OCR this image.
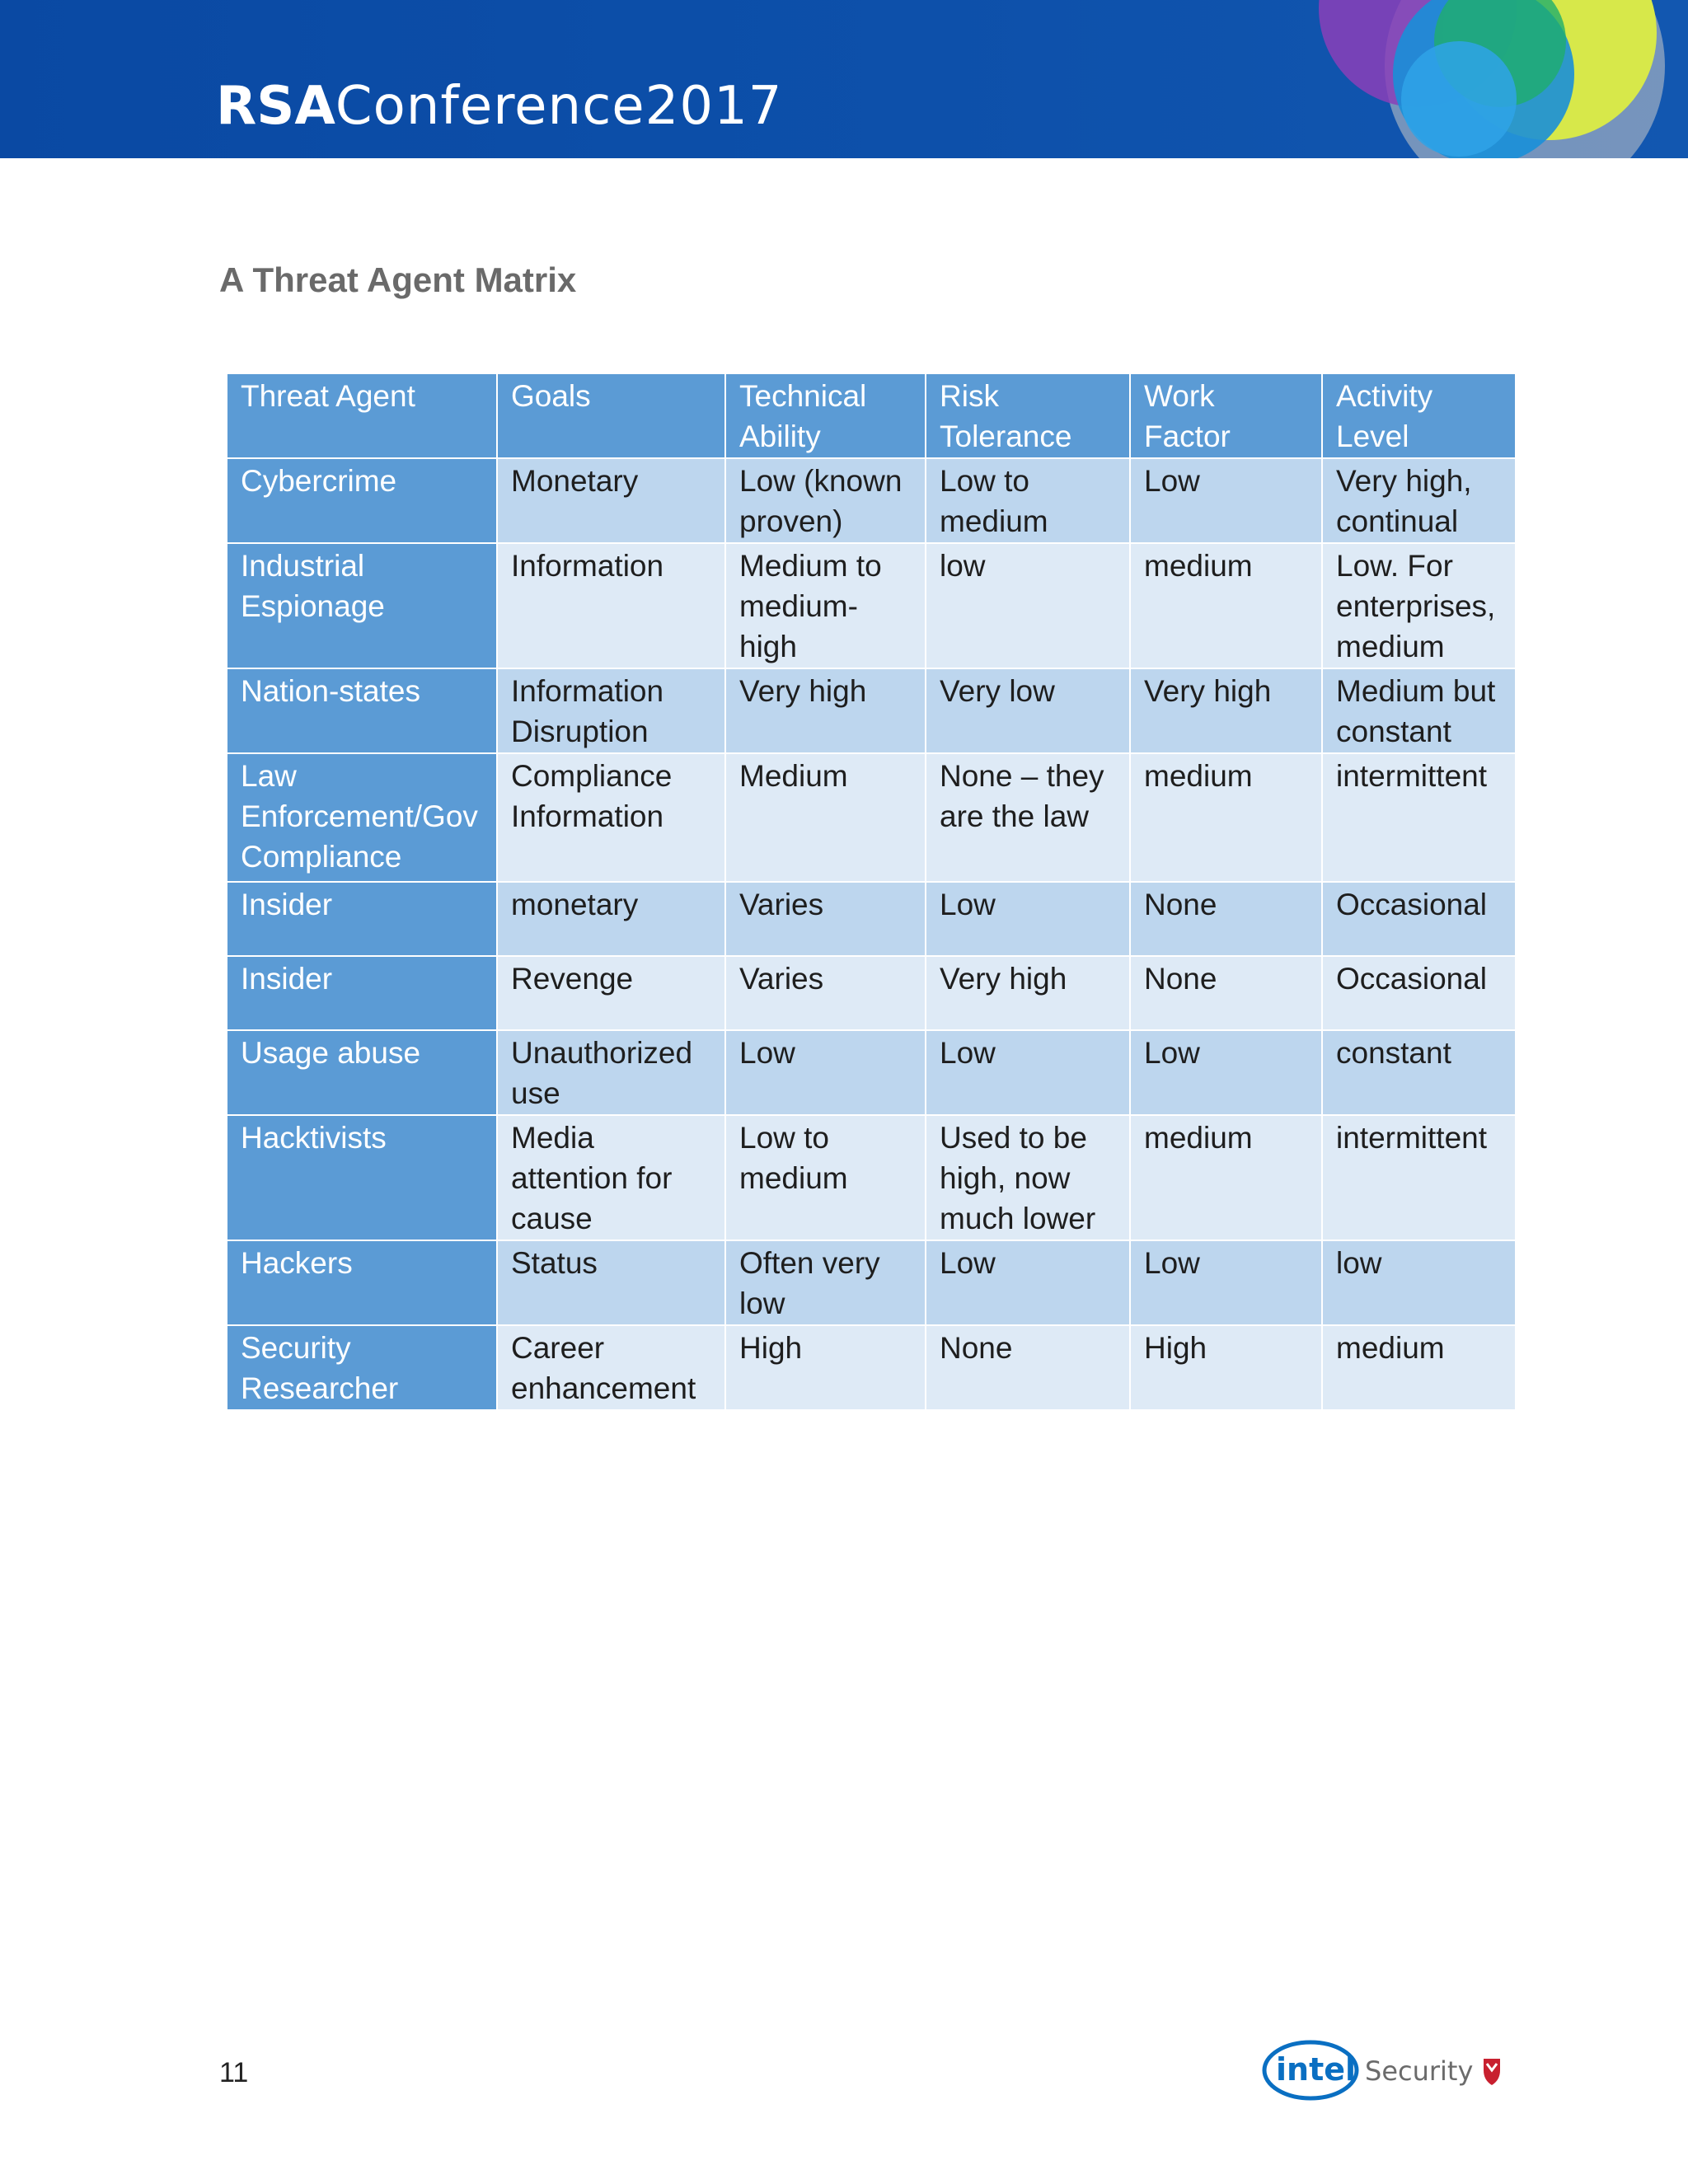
RSA Conference2017
A Threat Agent Matrix
Threat Agent	Goals	Technical Ability	Risk Tolerance	Work Factor	Activity Level
Cybercrime	Monetary	Low (known proven)	Low to medium	Low	Very high, continual
Industrial Espionage	Information	Medium to medium-high	low	medium	Low. For enterprises, medium
Nation-states	Information Disruption	Very high	Very low	Very high	Medium but constant
Law Enforcement/Gov Compliance	Compliance Information	Medium	None – they are the law	medium	intermittent
Insider	monetary	Varies	Low	None	Occasional
Insider	Revenge	Varies	Very high	None	Occasional
Usage abuse	Unauthorized use	Low	Low	Low	constant
Hacktivists	Media attention for cause	Low to medium	Used to be high, now much lower	medium	intermittent
Hackers	Status	Often very low	Low	Low	low
Security Researcher	Career enhancement	High	None	High	medium
11	intel Security
